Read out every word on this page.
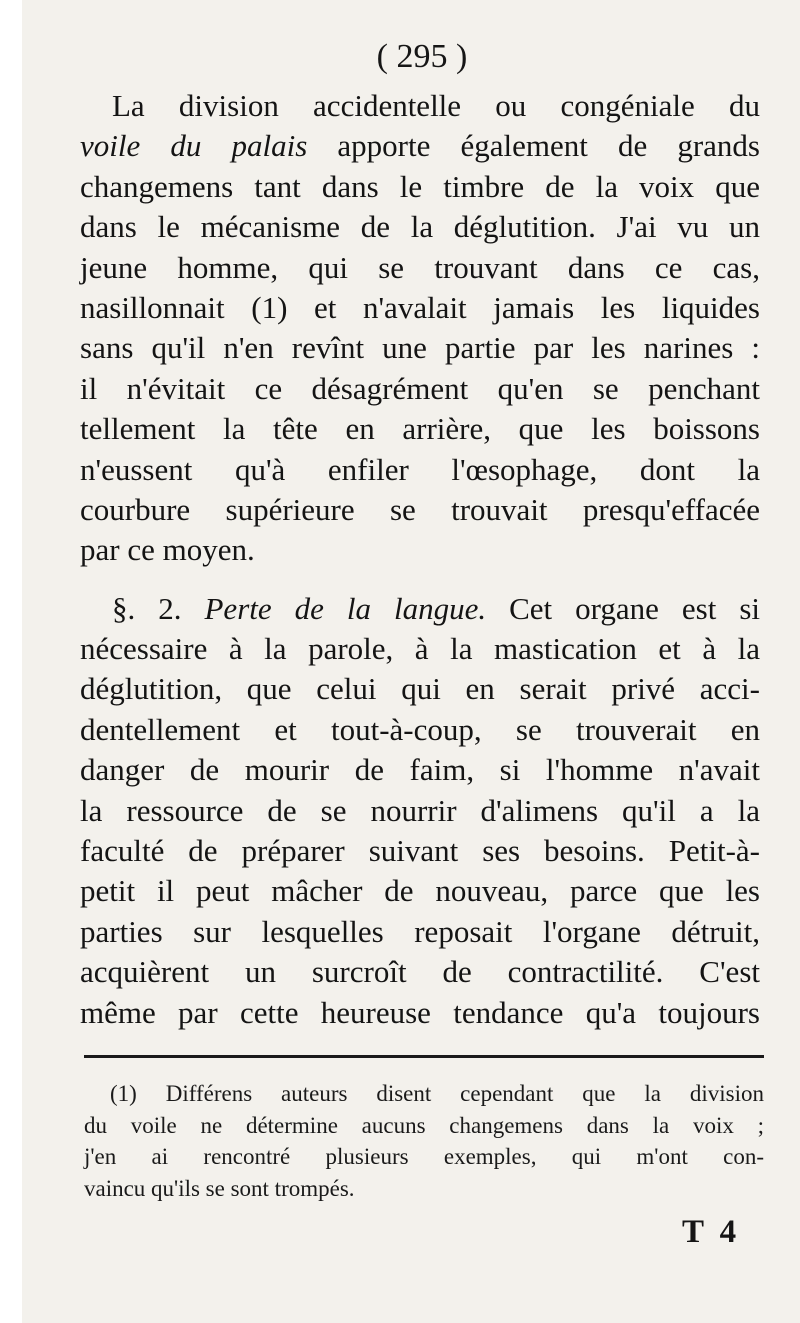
( 295 )
La division accidentelle ou congéniale du
voile du palais apporte également de grands
changemens tant dans le timbre de la voix que
dans le mécanisme de la déglutition. J'ai vu un
jeune homme, qui se trouvant dans ce cas,
nasillonnait (1) et n'avalait jamais les liquides
sans qu'il n'en revînt une partie par les narines :
il n'évitait ce désagrément qu'en se penchant
tellement la tête en arrière, que les boissons
n'eussent qu'à enfiler l'œsophage, dont la
courbure supérieure se trouvait presqu'effacée
par ce moyen.
§. 2. Perte de la langue. Cet organe est si
nécessaire à la parole, à la mastication et à la
déglutition, que celui qui en serait privé acci-
dentellement et tout-à-coup, se trouverait en
danger de mourir de faim, si l'homme n'avait
la ressource de se nourrir d'alimens qu'il a la
faculté de préparer suivant ses besoins. Petit-à-
petit il peut mâcher de nouveau, parce que les
parties sur lesquelles reposait l'organe détruit,
acquièrent un surcroît de contractilité. C'est
même par cette heureuse tendance qu'a toujours
(1) Différens auteurs disent cependant que la division
du voile ne détermine aucuns changemens dans la voix ;
j'en ai rencontré plusieurs exemples, qui m'ont con-
vaincu qu'ils se sont trompés.
T 4
